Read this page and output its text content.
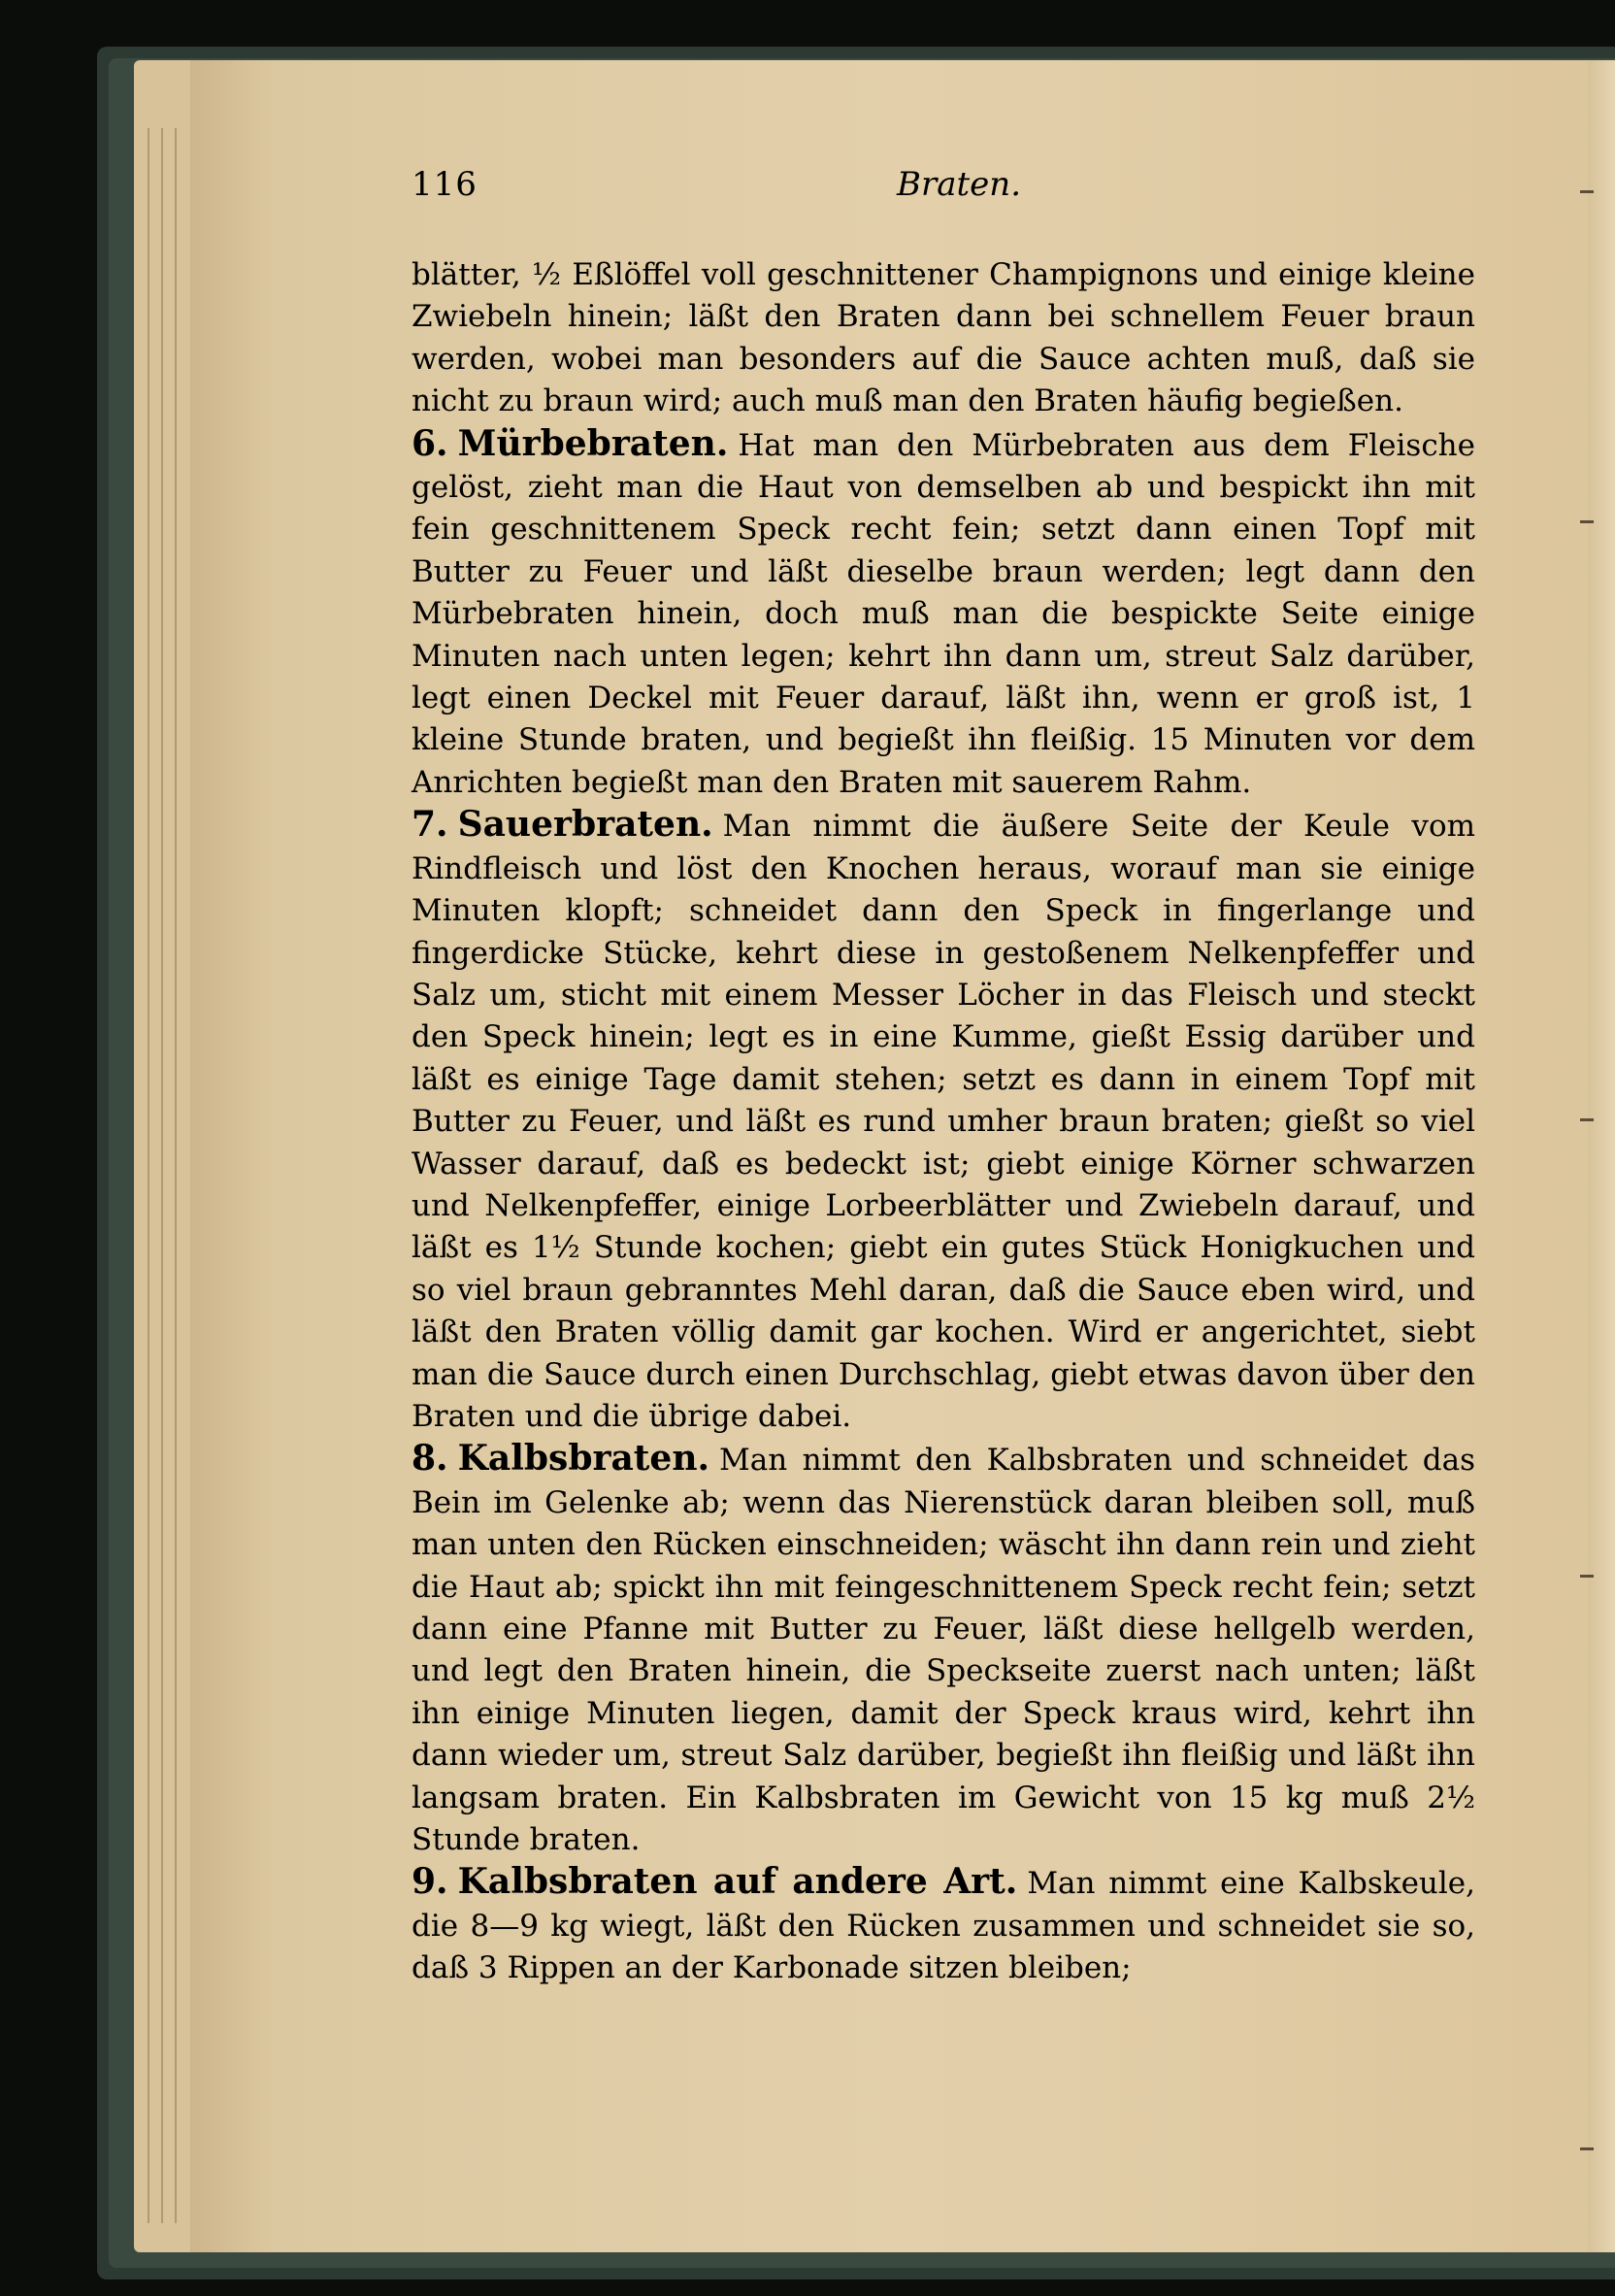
116	Braten.

blätter, ½ Eßlöffel voll geschnittener Champignons und einige kleine Zwiebeln hinein; läßt den Braten dann bei schnellem Feuer braun werden, wobei man besonders auf die Sauce achten muß, daß sie nicht zu braun wird; auch muß man den Braten häufig begießen.

6. Mürbebraten. Hat man den Mürbebraten aus dem Fleische gelöst, zieht man die Haut von demselben ab und bespickt ihn mit fein geschnittenem Speck recht fein; setzt dann einen Topf mit Butter zu Feuer und läßt dieselbe braun werden; legt dann den Mürbebraten hinein, doch muß man die bespickte Seite einige Minuten nach unten legen; kehrt ihn dann um, streut Salz darüber, legt einen Deckel mit Feuer darauf, läßt ihn, wenn er groß ist, 1 kleine Stunde braten, und begießt ihn fleißig. 15 Minuten vor dem Anrichten begießt man den Braten mit sauerem Rahm.

7. Sauerbraten. Man nimmt die äußere Seite der Keule vom Rindfleisch und löst den Knochen heraus, worauf man sie einige Minuten klopft; schneidet dann den Speck in fingerlange und fingerdicke Stücke, kehrt diese in gestoßenem Nelkenpfeffer und Salz um, sticht mit einem Messer Löcher in das Fleisch und steckt den Speck hinein; legt es in eine Kumme, gießt Essig darüber und läßt es einige Tage damit stehen; setzt es dann in einem Topf mit Butter zu Feuer, und läßt es rund umher braun braten; gießt so viel Wasser darauf, daß es bedeckt ist; giebt einige Körner schwarzen und Nelkenpfeffer, einige Lorbeerblätter und Zwiebeln darauf, und läßt es 1½ Stunde kochen; giebt ein gutes Stück Honigkuchen und so viel braun gebranntes Mehl daran, daß die Sauce eben wird, und läßt den Braten völlig damit gar kochen. Wird er angerichtet, siebt man die Sauce durch einen Durchschlag, giebt etwas davon über den Braten und die übrige dabei.

8. Kalbsbraten. Man nimmt den Kalbsbraten und schneidet das Bein im Gelenke ab; wenn das Nierenstück daran bleiben soll, muß man unten den Rücken einschneiden; wäscht ihn dann rein und zieht die Haut ab; spickt ihn mit feingeschnittenem Speck recht fein; setzt dann eine Pfanne mit Butter zu Feuer, läßt diese hellgelb werden, und legt den Braten hinein, die Speckseite zuerst nach unten; läßt ihn einige Minuten liegen, damit der Speck kraus wird, kehrt ihn dann wieder um, streut Salz darüber, begießt ihn fleißig und läßt ihn langsam braten. Ein Kalbsbraten im Gewicht von 15 kg muß 2½ Stunde braten.

9. Kalbsbraten auf andere Art. Man nimmt eine Kalbskeule, die 8—9 kg wiegt, läßt den Rücken zusammen und schneidet sie so, daß 3 Rippen an der Karbonade sitzen bleiben;
